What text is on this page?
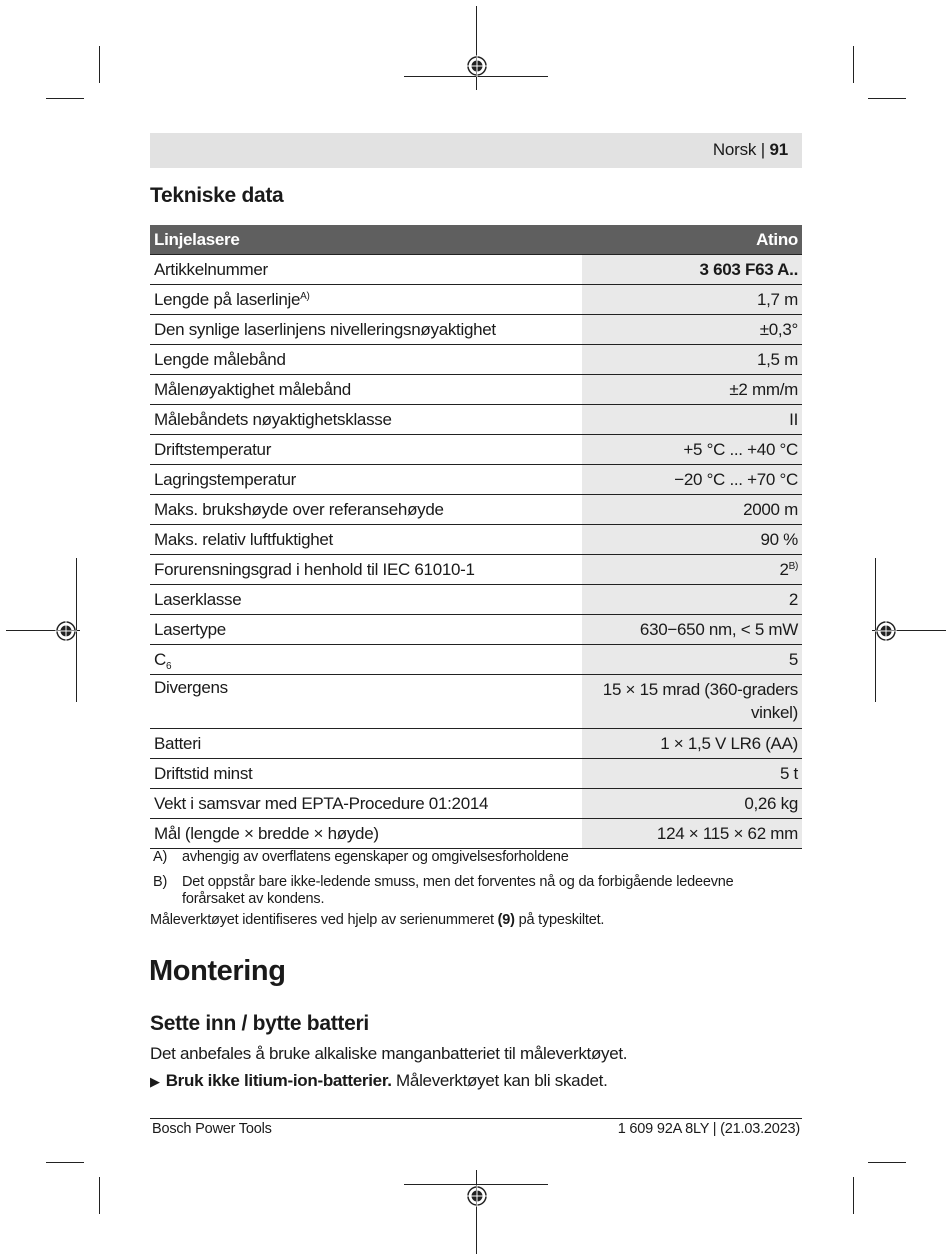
Norsk | 91
Tekniske data
Linjelasere	Atino
Artikkelnummer	3 603 F63 A..
Lengde på laserlinje$^{A)}$	1,7 m
Den synlige laserlinjens nivelleringsnøyaktighet	±0,3°
Lengde målebånd	1,5 m
Målenøyaktighet målebånd	±2 mm/m
Målebåndets nøyaktighetsklasse	II
Driftstemperatur	+5 °C ... +40 °C
Lagringstemperatur	−20 °C ... +70 °C
Maks. brukshøyde over referansehøyde	2000 m
Maks. relativ luftfuktighet	90 %
Forurensningsgrad i henhold til IEC 61010-1	$2^{B)}$
Laserklasse	2
Lasertype	630−650 nm, < 5 mW
$C_6$	5
Divergens	15 × 15 mrad (360-graders
vinkel)
Batteri	1 × 1,5 V LR6 (AA)
Driftstid minst	5 t
Vekt i samsvar med EPTA-Procedure 01:2014	0,26 kg
Mål (lengde × bredde × høyde)	124 × 115 × 62 mm
A) avhengig av overflatens egenskaper og omgivelsesforholdene
B) Det oppstår bare ikke-ledende smuss, men det forventes nå og da forbigående ledeevne forårsaket av kondens.
Måleverktøyet identifiseres ved hjelp av serienummeret (9) på typeskiltet.
Montering
Sette inn / bytte batteri
Det anbefales å bruke alkaliske manganbatteriet til måleverktøyet.
▶ Bruk ikke litium-ion-batterier. Måleverktøyet kan bli skadet.
Bosch Power Tools	1 609 92A 8LY | (21.03.2023)
